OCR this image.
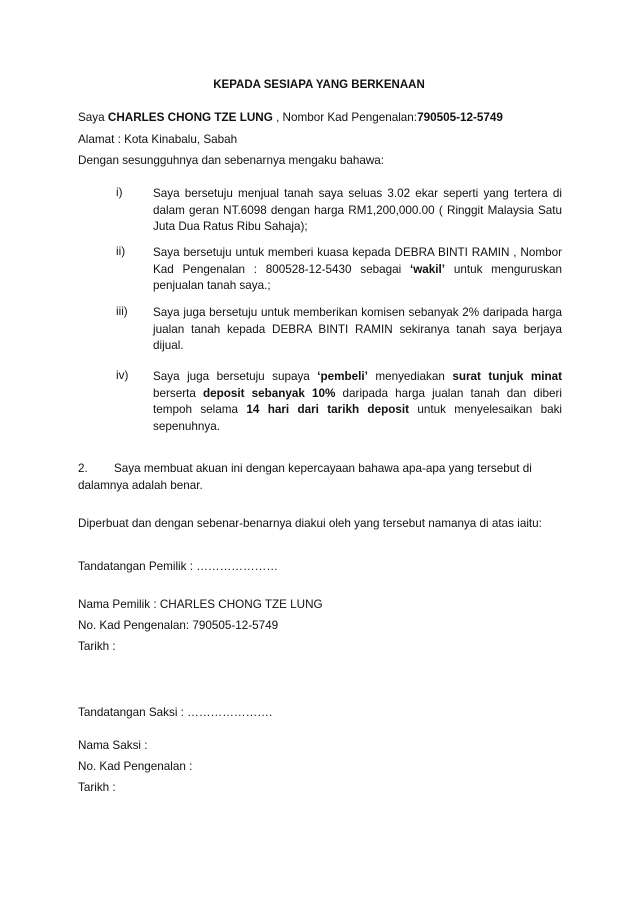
KEPADA SESIAPA YANG BERKENAAN
Saya CHARLES CHONG TZE LUNG , Nombor Kad Pengenalan:790505-12-5749
Alamat : Kota Kinabalu, Sabah
Dengan sesungguhnya dan sebenarnya mengaku bahawa:
i)	Saya bersetuju menjual tanah saya seluas 3.02 ekar seperti yang tertera di dalam geran NT.6098 dengan harga RM1,200,000.00 ( Ringgit Malaysia Satu Juta Dua Ratus Ribu Sahaja);
ii) Saya bersetuju untuk memberi kuasa kepada DEBRA BINTI RAMIN , Nombor Kad Pengenalan : 800528-12-5430 sebagai ‘wakil’ untuk menguruskan penjualan tanah saya.;
iii) Saya juga bersetuju untuk memberikan komisen sebanyak 2% daripada harga jualan tanah kepada DEBRA BINTI RAMIN sekiranya tanah saya berjaya dijual.
iv) Saya juga bersetuju supaya ‘pembeli’ menyediakan surat tunjuk minat berserta deposit sebanyak 10% daripada harga jualan tanah dan diberi tempoh selama 14 hari dari tarikh deposit untuk menyelesaikan baki sepenuhnya.
2. Saya membuat akuan ini dengan kepercayaan bahawa apa-apa yang tersebut di dalamnya adalah benar.
Diperbuat dan dengan sebenar-benarnya diakui oleh yang tersebut namanya di atas iaitu:
Tandatangan Pemilik : …………………
Nama Pemilik : CHARLES CHONG TZE LUNG
No. Kad Pengenalan: 790505-12-5749
Tarikh :
Tandatangan Saksi : ………………….
Nama Saksi :
No. Kad Pengenalan :
Tarikh :
